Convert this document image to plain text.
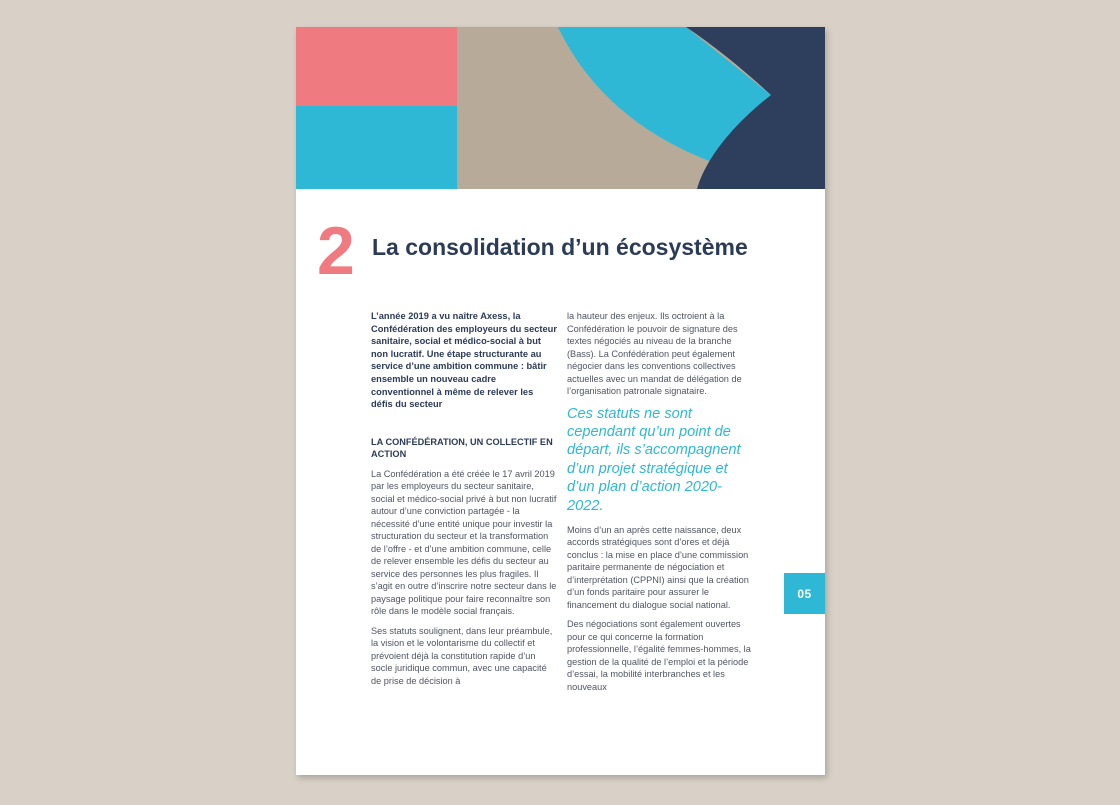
2 La consolidation d’un écosystème

L’année 2019 a vu naître Axess, la Confédération des employeurs du secteur sanitaire, social et médico-social à but non lucratif. Une étape structurante au service d’une ambition commune : bâtir ensemble un nouveau cadre conventionnel à même de relever les défis du secteur

LA CONFÉDÉRATION, UN COLLECTIF EN ACTION

La Confédération a été créée le 17 avril 2019 par les employeurs du secteur sanitaire, social et médico-social privé à but non lucratif autour d’une conviction partagée - la nécessité d’une entité unique pour investir la structuration du secteur et la transformation de l’offre - et d’une ambition commune, celle de relever ensemble les défis du secteur au service des personnes les plus fragiles. Il s’agit en outre d’inscrire notre secteur dans le paysage politique pour faire reconnaître son rôle dans le modèle social français.

Ses statuts soulignent, dans leur préambule, la vision et le volontarisme du collectif et prévoient déjà la constitution rapide d’un socle juridique commun, avec une capacité de prise de décision à

la hauteur des enjeux. Ils octroient à la Confédération le pouvoir de signature des textes négociés au niveau de la branche (Bass). La Confédération peut également négocier dans les conventions collectives actuelles avec un mandat de délégation de l’organisation patronale signataire.

Ces statuts ne sont cependant qu’un point de départ, ils s’accompagnent d’un projet stratégique et d’un plan d’action 2020-2022.

Moins d’un an après cette naissance, deux accords stratégiques sont d’ores et déjà conclus : la mise en place d’une commission paritaire permanente de négociation et d’interprétation (CPPNI) ainsi que la création d’un fonds paritaire pour assurer le financement du dialogue social national.

Des négociations sont également ouvertes pour ce qui concerne la formation professionnelle, l’égalité femmes-hommes, la gestion de la qualité de l’emploi et la période d’essai, la mobilité interbranches et les nouveaux

05
